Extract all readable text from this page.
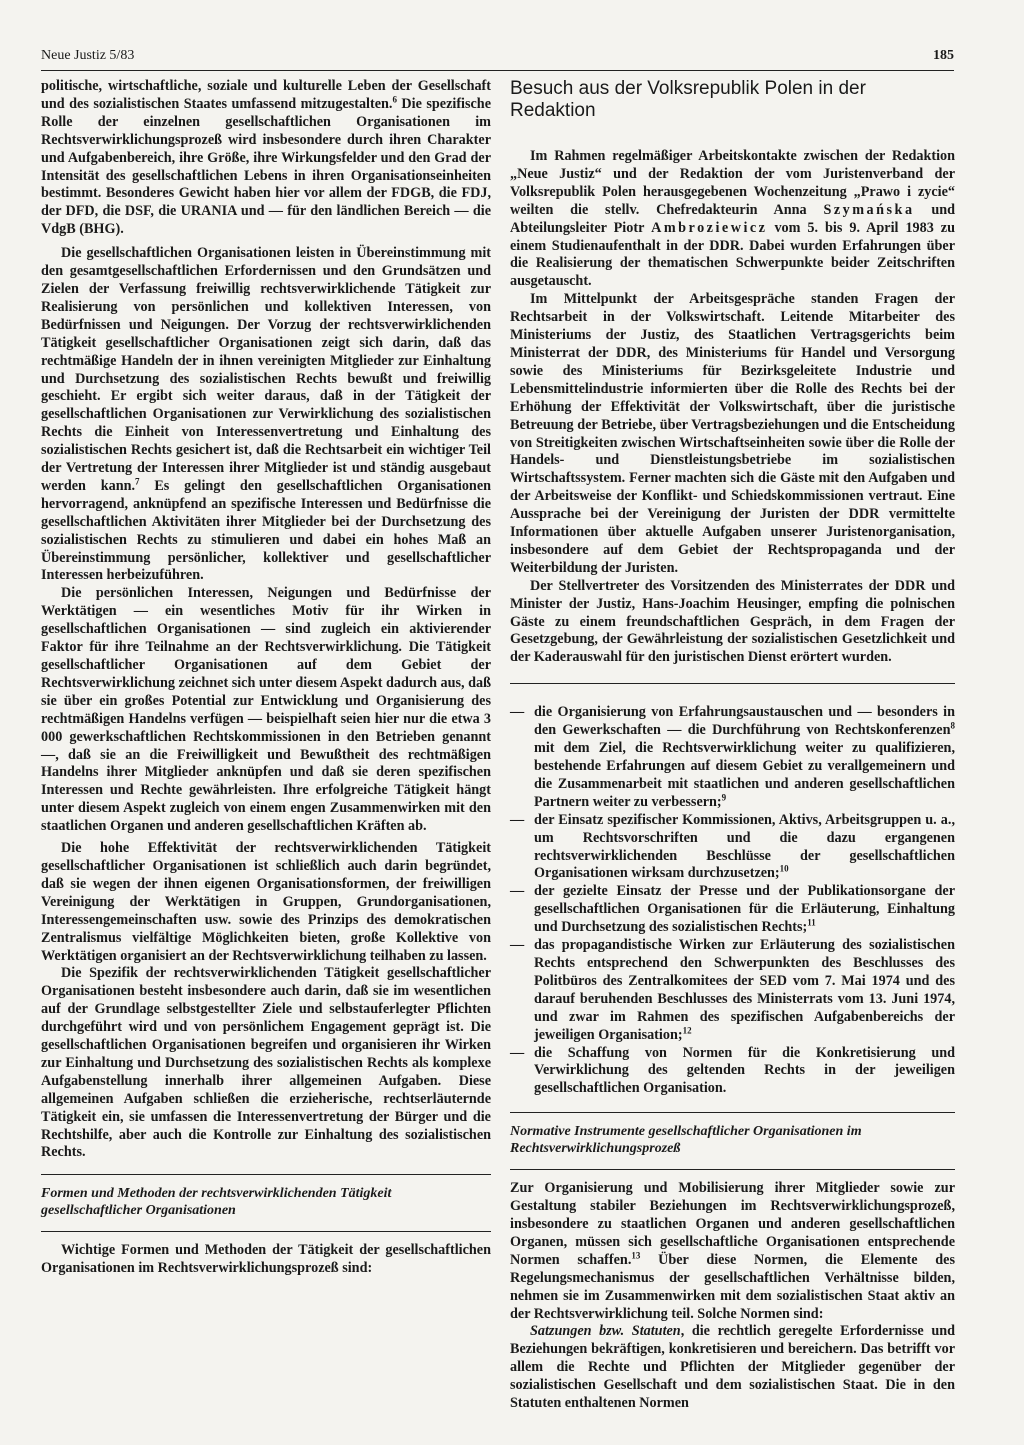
Neue Justiz 5/83	185

politische, wirtschaftliche, soziale und kulturelle Leben der Gesellschaft und des sozialistischen Staates umfassend mitzugestalten.$^6$ Die spezifische Rolle der einzelnen gesellschaftlichen Organisationen im Rechtsverwirklichungsprozeß wird insbesondere durch ihren Charakter und Aufgabenbereich, ihre Größe, ihre Wirkungsfelder und den Grad der Intensität des gesellschaftlichen Lebens in ihren Organisationseinheiten bestimmt. Besonderes Gewicht haben hier vor allem der FDGB, die FDJ, der DFD, die DSF, die URANIA und — für den ländlichen Bereich — die VdgB (BHG).

Die gesellschaftlichen Organisationen leisten in Übereinstimmung mit den gesamtgesellschaftlichen Erfordernissen und den Grundsätzen und Zielen der Verfassung freiwillig rechtsverwirklichende Tätigkeit zur Realisierung von persönlichen und kollektiven Interessen, von Bedürfnissen und Neigungen. Der Vorzug der rechtsverwirklichenden Tätigkeit gesellschaftlicher Organisationen zeigt sich darin, daß das rechtmäßige Handeln der in ihnen vereinigten Mitglieder zur Einhaltung und Durchsetzung des sozialistischen Rechts bewußt und freiwillig geschieht. Er ergibt sich weiter daraus, daß in der Tätigkeit der gesellschaftlichen Organisationen zur Verwirklichung des sozialistischen Rechts die Einheit von Interessenvertretung und Einhaltung des sozialistischen Rechts gesichert ist, daß die Rechtsarbeit ein wichtiger Teil der Vertretung der Interessen ihrer Mitglieder ist und ständig ausgebaut werden kann.$^7$ Es gelingt den gesellschaftlichen Organisationen hervorragend, anknüpfend an spezifische Interessen und Bedürfnisse die gesellschaftlichen Aktivitäten ihrer Mitglieder bei der Durchsetzung des sozialistischen Rechts zu stimulieren und dabei ein hohes Maß an Übereinstimmung persönlicher, kollektiver und gesellschaftlicher Interessen herbeizuführen.

Die persönlichen Interessen, Neigungen und Bedürfnisse der Werktätigen — ein wesentliches Motiv für ihr Wirken in gesellschaftlichen Organisationen — sind zugleich ein aktivierender Faktor für ihre Teilnahme an der Rechtsverwirklichung. Die Tätigkeit gesellschaftlicher Organisationen auf dem Gebiet der Rechtsverwirklichung zeichnet sich unter diesem Aspekt dadurch aus, daß sie über ein großes Potential zur Entwicklung und Organisierung des rechtmäßigen Handelns verfügen — beispielhaft seien hier nur die etwa 3 000 gewerkschaftlichen Rechtskommissionen in den Betrieben genannt —, daß sie an die Freiwilligkeit und Bewußtheit des rechtmäßigen Handelns ihrer Mitglieder anknüpfen und daß sie deren spezifischen Interessen und Rechte gewährleisten. Ihre erfolgreiche Tätigkeit hängt unter diesem Aspekt zugleich von einem engen Zusammenwirken mit den staatlichen Organen und anderen gesellschaftlichen Kräften ab.

Die hohe Effektivität der rechtsverwirklichenden Tätigkeit gesellschaftlicher Organisationen ist schließlich auch darin begründet, daß sie wegen der ihnen eigenen Organisationsformen, der freiwilligen Vereinigung der Werktätigen in Gruppen, Grundorganisationen, Interessengemeinschaften usw. sowie des Prinzips des demokratischen Zentralismus vielfältige Möglichkeiten bieten, große Kollektive von Werktätigen organisiert an der Rechtsverwirklichung teilhaben zu lassen.

Die Spezifik der rechtsverwirklichenden Tätigkeit gesellschaftlicher Organisationen besteht insbesondere auch darin, daß sie im wesentlichen auf der Grundlage selbstgestellter Ziele und selbstauferlegter Pflichten durchgeführt wird und von persönlichem Engagement geprägt ist. Die gesellschaftlichen Organisationen begreifen und organisieren ihr Wirken zur Einhaltung und Durchsetzung des sozialistischen Rechts als komplexe Aufgabenstellung innerhalb ihrer allgemeinen Aufgaben. Diese allgemeinen Aufgaben schließen die erzieherische, rechtserläuternde Tätigkeit ein, sie umfassen die Interessenvertretung der Bürger und die Rechtshilfe, aber auch die Kontrolle zur Einhaltung des sozialistischen Rechts.

Formen und Methoden der rechtsverwirklichenden Tätigkeit gesellschaftlicher Organisationen

Wichtige Formen und Methoden der Tätigkeit der gesellschaftlichen Organisationen im Rechtsverwirklichungsprozeß sind:

Besuch aus der Volksrepublik Polen in der Redaktion

Im Rahmen regelmäßiger Arbeitskontakte zwischen der Redaktion „Neue Justiz“ und der Redaktion der vom Juristenverband der Volksrepublik Polen herausgegebenen Wochenzeitung „Prawo i zycie“ weilten die stellv. Chefredakteurin Anna Szymańska und Abteilungsleiter Piotr Ambroziewicz vom 5. bis 9. April 1983 zu einem Studienaufenthalt in der DDR. Dabei wurden Erfahrungen über die Realisierung der thematischen Schwerpunkte beider Zeitschriften ausgetauscht.

Im Mittelpunkt der Arbeitsgespräche standen Fragen der Rechtsarbeit in der Volkswirtschaft. Leitende Mitarbeiter des Ministeriums der Justiz, des Staatlichen Vertragsgerichts beim Ministerrat der DDR, des Ministeriums für Handel und Versorgung sowie des Ministeriums für Bezirksgeleitete Industrie und Lebensmittelindustrie informierten über die Rolle des Rechts bei der Erhöhung der Effektivität der Volkswirtschaft, über die juristische Betreuung der Betriebe, über Vertragsbeziehungen und die Entscheidung von Streitigkeiten zwischen Wirtschaftseinheiten sowie über die Rolle der Handels- und Dienstleistungsbetriebe im sozialistischen Wirtschaftssystem. Ferner machten sich die Gäste mit den Aufgaben und der Arbeitsweise der Konflikt- und Schiedskommissionen vertraut. Eine Aussprache bei der Vereinigung der Juristen der DDR vermittelte Informationen über aktuelle Aufgaben unserer Juristenorganisation, insbesondere auf dem Gebiet der Rechtspropaganda und der Weiterbildung der Juristen.

Der Stellvertreter des Vorsitzenden des Ministerrates der DDR und Minister der Justiz, Hans-Joachim Heusinger, empfing die polnischen Gäste zu einem freundschaftlichen Gespräch, in dem Fragen der Gesetzgebung, der Gewährleistung der sozialistischen Gesetzlichkeit und der Kaderauswahl für den juristischen Dienst erörtert wurden.

— die Organisierung von Erfahrungsaustauschen und — besonders in den Gewerkschaften — die Durchführung von Rechtskonferenzen$^8$ mit dem Ziel, die Rechtsverwirklichung weiter zu qualifizieren, bestehende Erfahrungen auf diesem Gebiet zu verallgemeinern und die Zusammenarbeit mit staatlichen und anderen gesellschaftlichen Partnern weiter zu verbessern;$^9$
— der Einsatz spezifischer Kommissionen, Aktivs, Arbeitsgruppen u. a., um Rechtsvorschriften und die dazu ergangenen rechtsverwirklichenden Beschlüsse der gesellschaftlichen Organisationen wirksam durchzusetzen;$^{10}$
— der gezielte Einsatz der Presse und der Publikationsorgane der gesellschaftlichen Organisationen für die Erläuterung, Einhaltung und Durchsetzung des sozialistischen Rechts;$^{11}$
— das propagandistische Wirken zur Erläuterung des sozialistischen Rechts entsprechend den Schwerpunkten des Beschlusses des Politbüros des Zentralkomitees der SED vom 7. Mai 1974 und des darauf beruhenden Beschlusses des Ministerrats vom 13. Juni 1974, und zwar im Rahmen des spezifischen Aufgabenbereichs der jeweiligen Organisation;$^{12}$
— die Schaffung von Normen für die Konkretisierung und Verwirklichung des geltenden Rechts in der jeweiligen gesellschaftlichen Organisation.
Normative Instrumente gesellschaftlicher Organisationen im Rechtsverwirklichungsprozeß

Zur Organisierung und Mobilisierung ihrer Mitglieder sowie zur Gestaltung stabiler Beziehungen im Rechtsverwirklichungsprozeß, insbesondere zu staatlichen Organen und anderen gesellschaftlichen Organen, müssen sich gesellschaftliche Organisationen entsprechende Normen schaffen.$^{13}$ Über diese Normen, die Elemente des Regelungsmechanismus der gesellschaftlichen Verhältnisse bilden, nehmen sie im Zusammenwirken mit dem sozialistischen Staat aktiv an der Rechtsverwirklichung teil. Solche Normen sind:

Satzungen bzw. Statuten, die rechtlich geregelte Erfordernisse und Beziehungen bekräftigen, konkretisieren und bereichern. Das betrifft vor allem die Rechte und Pflichten der Mitglieder gegenüber der sozialistischen Gesellschaft und dem sozialistischen Staat. Die in den Statuten enthaltenen Normen
